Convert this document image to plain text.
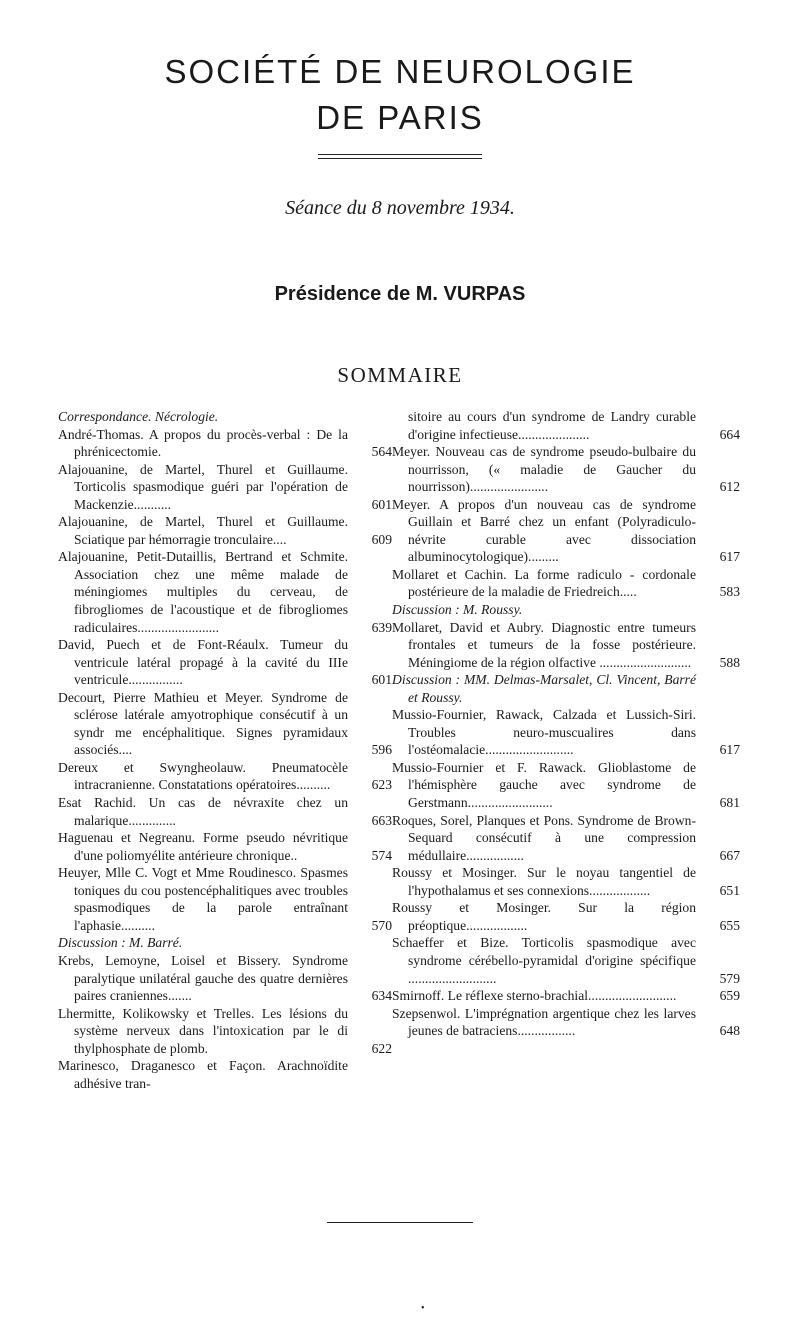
SOCIÉTÉ DE NEUROLOGIE
DE PARIS
Séance du 8 novembre 1934.
Présidence de M. VURPAS
SOMMAIRE
Correspondance. Nécrologie.
André-Thomas. A propos du procès-verbal : De la phrénicectomie.	564
Alajouanine, de Martel, Thurel et Guillaume. Torticolis spasmodique guéri par l'opération de Mackenzie...........	601
Alajouanine, de Martel, Thurel et Guillaume. Sciatique par hémorragie tronculaire....	609
Alajouanine, Petit-Dutaillis, Bertrand et Schmite. Association chez une même malade de méningiomes multiples du cerveau, de fibrogliomes de l'acoustique et de fibrogliomes radiculaires........................	639
David, Puech et de Font-Réaulx. Tumeur du ventricule latéral propagé à la cavité du IIIe ventricule................	601
Decourt, Pierre Mathieu et Meyer. Syndrome de sclérose latérale amyotrophique consécutif à un syndr me encéphalitique. Signes pyramidaux associés....	596
Dereux et Swyngheolauw. Pneumatocèle intracranienne. Constatations opératoires..........	623
Esat Rachid. Un cas de névraxite chez un malarique..............	663
Haguenau et Negreanu. Forme pseudo névritique d'une poliomyélite antérieure chronique..	574
Heuyer, Mlle C. Vogt et Mme Roudinesco. Spasmes toniques du cou postencéphalitiques avec troubles spasmodiques de la parole entraînant l'aphasie..........	570
Discussion : M. Barré.
Krebs, Lemoyne, Loisel et Bissery. Syndrome paralytique unilatéral gauche des quatre dernières paires craniennes.......	634
Lhermitte, Kolikowsky et Trelles. Les lésions du système nerveux dans l'intoxication par le di thylphosphate de plomb.	622
Marinesco, Draganesco et Façon. Arachnoïdite adhésive tran-
sitoire au cours d'un syndrome de Landry curable d'origine infectieuse.....................	664
Meyer. Nouveau cas de syndrome pseudo-bulbaire du nourrisson, (« maladie de Gaucher du nourrisson).......................	612
Meyer. A propos d'un nouveau cas de syndrome Guillain et Barré chez un enfant (Polyradiculo-névrite curable avec dissociation albuminocytologique).........	617
Mollaret et Cachin. La forme radiculo - cordonale postérieure de la maladie de Friedreich.....	583
Discussion : M. Roussy.
Mollaret, David et Aubry. Diagnostic entre tumeurs frontales et tumeurs de la fosse postérieure. Méningiome de la région olfactive ...........................	588
Discussion : MM. Delmas-Marsalet, Cl. Vincent, Barré et Roussy.
Mussio-Fournier, Rawack, Calzada et Lussich-Siri. Troubles neuro-muscualires dans l'ostéomalacie..........................	617
Mussio-Fournier et F. Rawack. Glioblastome de l'hémisphère gauche avec syndrome de Gerstmann.........................	681
Roques, Sorel, Planques et Pons. Syndrome de Brown-Sequard consécutif à une compression médullaire.................	667
Roussy et Mosinger. Sur le noyau tangentiel de l'hypothalamus et ses connexions..................	651
Roussy et Mosinger. Sur la région préoptique..................	655
Schaeffer et Bize. Torticolis spasmodique avec syndrome cérébello-pyramidal d'origine spécifique ..........................	579
Smirnoff. Le réflexe sterno-brachial..........................	659
Szepsenwol. L'imprégnation argentique chez les larves jeunes de batraciens.................	648
•
